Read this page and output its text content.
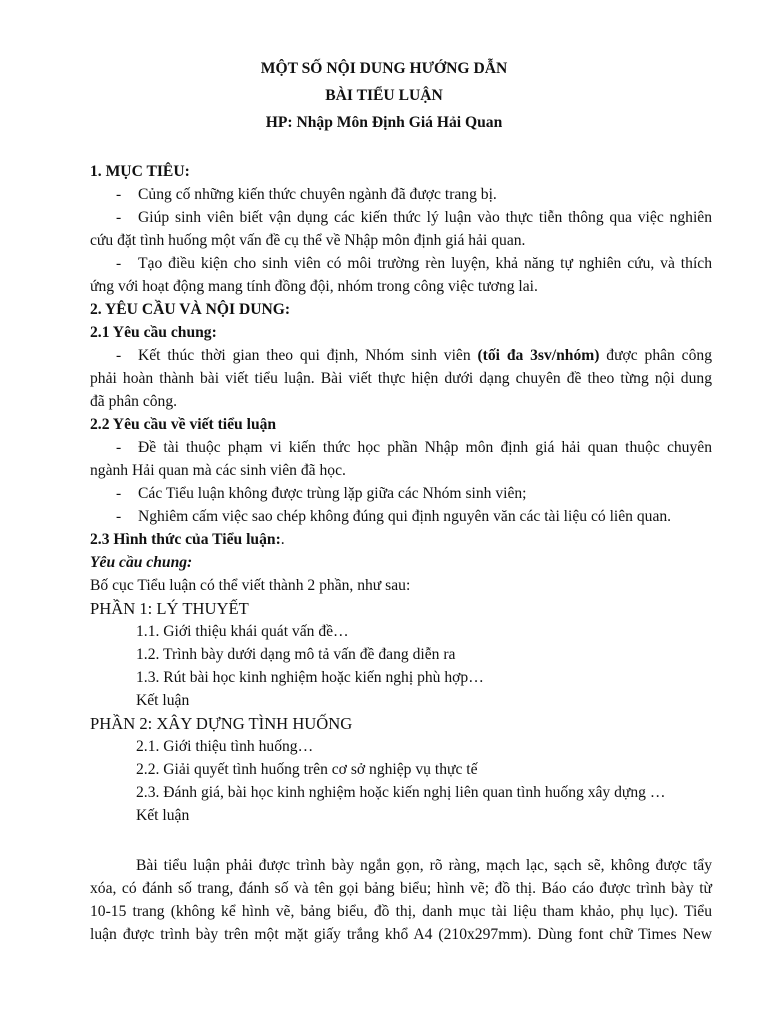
MỘT SỐ NỘI DUNG HƯỚNG DẪN
BÀI TIỂU LUẬN
HP: Nhập Môn Định Giá Hải Quan
1. MỤC TIÊU:
- Củng cố những kiến thức chuyên ngành đã được trang bị.
- Giúp sinh viên biết vận dụng các kiến thức lý luận vào thực tiễn thông qua việc nghiên
cứu đặt tình huống một vấn đề cụ thể về Nhập môn định giá hải quan.
- Tạo điều kiện cho sinh viên có môi trường rèn luyện, khả năng tự nghiên cứu, và thích
ứng với hoạt động mang tính đồng đội, nhóm trong công việc tương lai.
2. YÊU CẦU VÀ NỘI DUNG:
2.1 Yêu cầu chung:
- Kết thúc thời gian theo qui định, Nhóm sinh viên (tối đa 3sv/nhóm) được phân công
phải hoàn thành bài viết tiểu luận. Bài viết thực hiện dưới dạng chuyên đề theo từng nội dung
đã phân công.
2.2 Yêu cầu về viết tiểu luận
- Đề tài thuộc phạm vi kiến thức học phần Nhập môn định giá hải quan thuộc chuyên
ngành Hải quan mà các sinh viên đã học.
- Các Tiểu luận không được trùng lặp giữa các Nhóm sinh viên;
- Nghiêm cấm việc sao chép không đúng qui định nguyên văn các tài liệu có liên quan.
2.3 Hình thức của Tiểu luận:.
Yêu cầu chung:
Bố cục Tiểu luận có thể viết thành 2 phần, như sau:
PHẦN 1: LÝ THUYẾT
1.1. Giới thiệu khái quát vấn đề…
1.2. Trình bày dưới dạng mô tả vấn đề đang diễn ra
1.3. Rút bài học kinh nghiệm hoặc kiến nghị phù hợp…
Kết luận
PHẦN 2: XÂY DỰNG TÌNH HUỐNG
2.1. Giới thiệu tình huống…
2.2. Giải quyết tình huống trên cơ sở nghiệp vụ thực tế
2.3. Đánh giá, bài học kinh nghiệm hoặc kiến nghị liên quan tình huống xây dựng …
Kết luận
Bài tiểu luận phải được trình bày ngắn gọn, rõ ràng, mạch lạc, sạch sẽ, không được tẩy
xóa, có đánh số trang, đánh số và tên gọi bảng biểu; hình vẽ; đồ thị. Báo cáo được trình bày từ
10-15 trang (không kể hình vẽ, bảng biểu, đồ thị, danh mục tài liệu tham khảo, phụ lục). Tiểu
luận được trình bày trên một mặt giấy trắng khổ A4 (210x297mm). Dùng font chữ Times New
